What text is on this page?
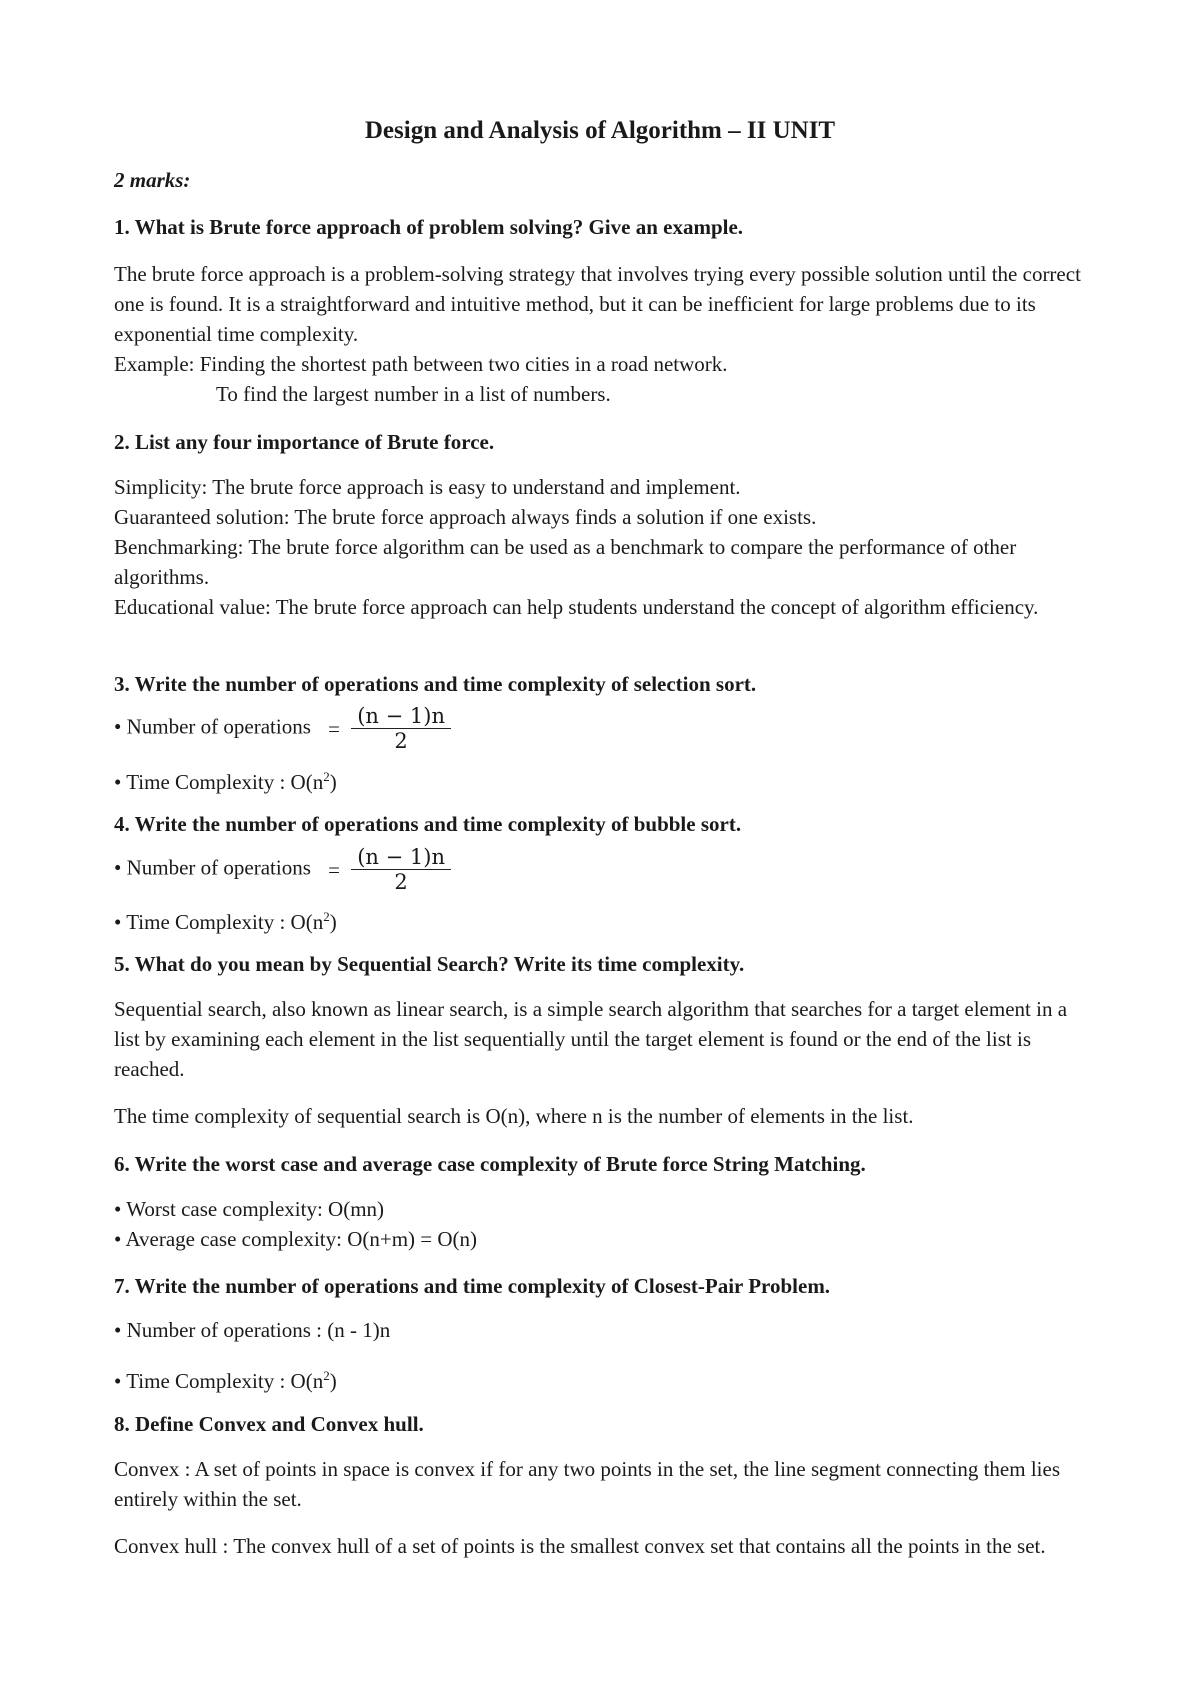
Design and Analysis of Algorithm – II UNIT

2 marks:

1. What is Brute force approach of problem solving? Give an example.

The brute force approach is a problem-solving strategy that involves trying every possible solution until the correct one is found. It is a straightforward and intuitive method, but it can be inefficient for large problems due to its exponential time complexity.

Example: Finding the shortest path between two cities in a road network.

To find the largest number in a list of numbers.

2. List any four importance of Brute force.

Simplicity: The brute force approach is easy to understand and implement.

Guaranteed solution: The brute force approach always finds a solution if one exists.

Benchmarking: The brute force algorithm can be used as a benchmark to compare the performance of other algorithms.

Educational value: The brute force approach can help students understand the concept of algorithm efficiency.

3. Write the number of operations and time complexity of selection sort.

• Number of operations = $\frac{(n - 1)n}{2}$

• Time Complexity : $O(n^2)$

4. Write the number of operations and time complexity of bubble sort.

• Number of operations = $\frac{(n - 1)n}{2}$

• Time Complexity : $O(n^2)$

5. What do you mean by Sequential Search? Write its time complexity.

Sequential search, also known as linear search, is a simple search algorithm that searches for a target element in a list by examining each element in the list sequentially until the target element is found or the end of the list is reached.

The time complexity of sequential search is O(n), where n is the number of elements in the list.

6. Write the worst case and average case complexity of Brute force String Matching.

• Worst case complexity: O(mn)

• Average case complexity: O(n+m) = O(n)

7. Write the number of operations and time complexity of Closest-Pair Problem.

• Number of operations : (n - 1)n

• Time Complexity : $O(n^2)$

8. Define Convex and Convex hull.

Convex : A set of points in space is convex if for any two points in the set, the line segment connecting them lies entirely within the set.

Convex hull : The convex hull of a set of points is the smallest convex set that contains all the points in the set.
